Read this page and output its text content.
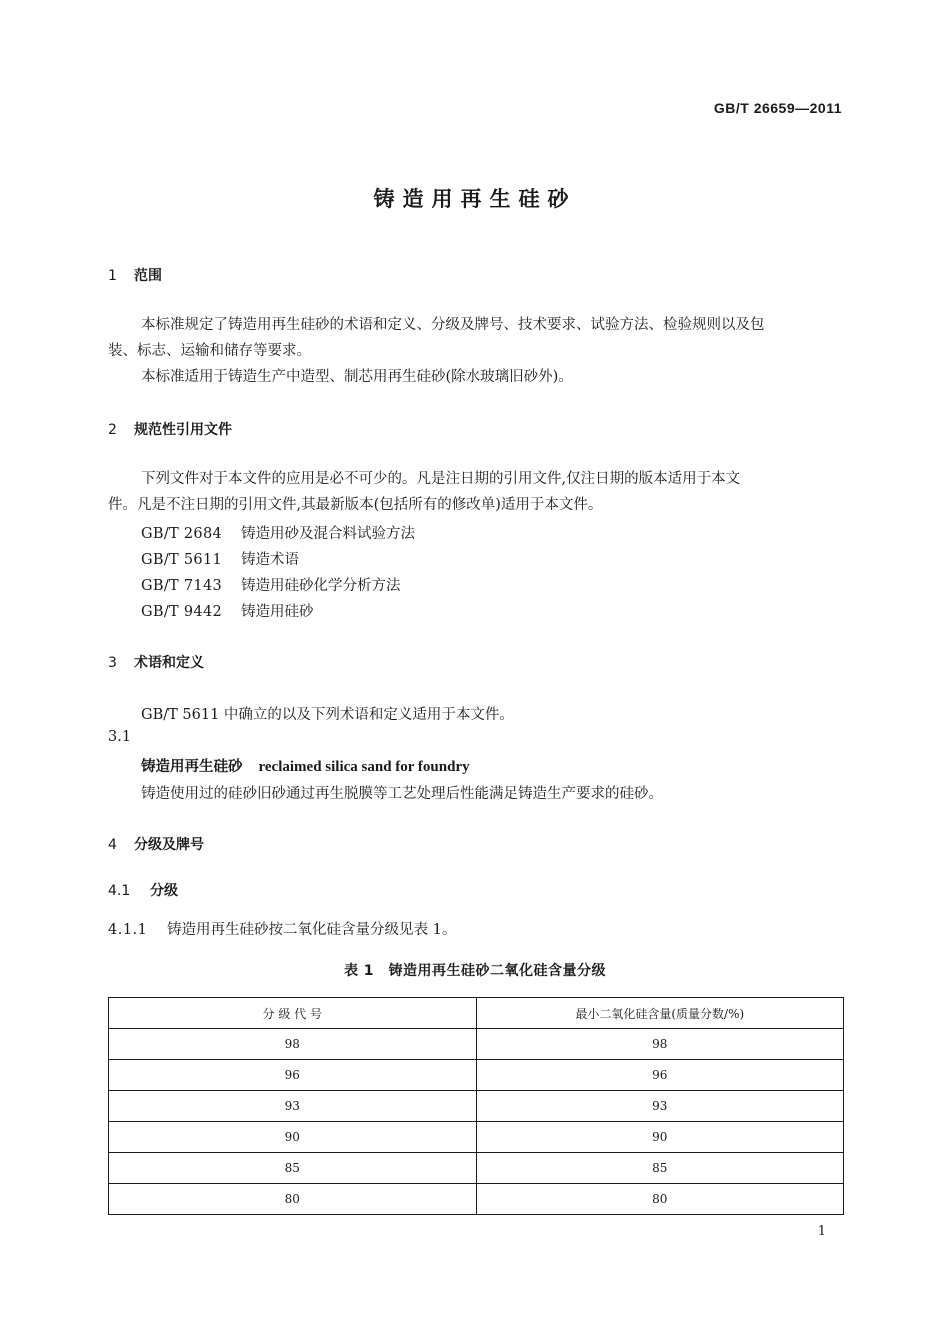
GB/T 26659—2011
铸造用再生硅砂
1 范围
本标准规定了铸造用再生硅砂的术语和定义、分级及牌号、技术要求、试验方法、检验规则以及包
装、标志、运输和储存等要求。
本标准适用于铸造生产中造型、制芯用再生硅砂(除水玻璃旧砂外)。
2 规范性引用文件
下列文件对于本文件的应用是必不可少的。凡是注日期的引用文件,仅注日期的版本适用于本文
件。凡是不注日期的引用文件,其最新版本(包括所有的修改单)适用于本文件。
GB/T 2684 铸造用砂及混合料试验方法
GB/T 5611 铸造术语
GB/T 7143 铸造用硅砂化学分析方法
GB/T 9442 铸造用硅砂
3 术语和定义
GB/T 5611 中确立的以及下列术语和定义适用于本文件。
3.1
铸造用再生硅砂 reclaimed silica sand for foundry
铸造使用过的硅砂旧砂通过再生脱膜等工艺处理后性能满足铸造生产要求的硅砂。
4 分级及牌号
4.1 分级
4.1.1 铸造用再生硅砂按二氧化硅含量分级见表 1。
表 1　铸造用再生硅砂二氧化硅含量分级
分 级 代 号	最小二氧化硅含量(质量分数/%)
98	98
96	96
93	93
90	90
85	85
80	80
1
